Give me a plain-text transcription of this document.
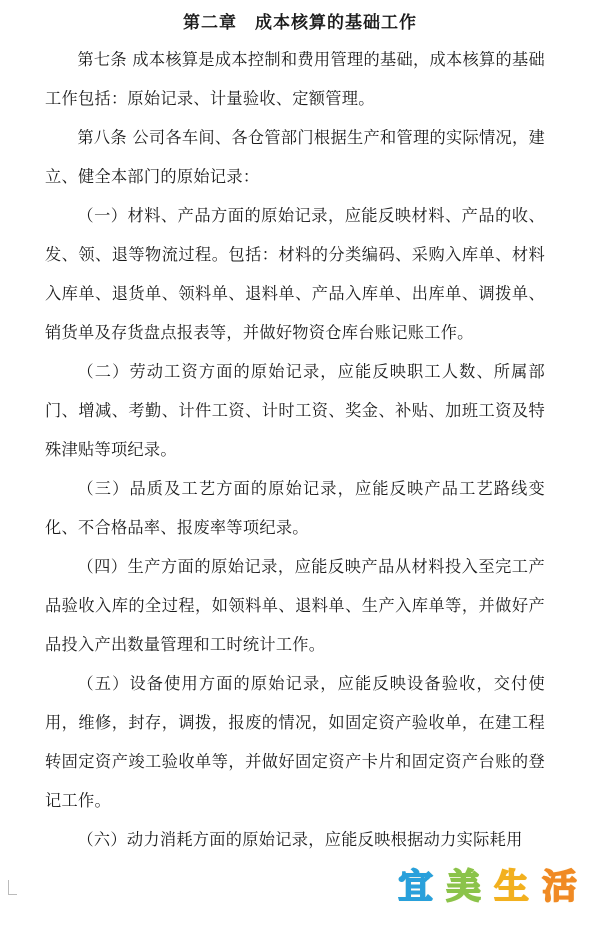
第二章　成本核算的基础工作

第七条 成本核算是成本控制和费用管理的基础，成本核算的基础工作包括：原始记录、计量验收、定额管理。

第八条 公司各车间、各仓管部门根据生产和管理的实际情况，建立、健全本部门的原始记录：

（一）材料、产品方面的原始记录，应能反映材料、产品的收、发、领、退等物流过程。包括：材料的分类编码、采购入库单、材料入库单、退货单、领料单、退料单、产品入库单、出库单、调拨单、销货单及存货盘点报表等，并做好物资仓库台账记账工作。

（二）劳动工资方面的原始记录，应能反映职工人数、所属部门、增减、考勤、计件工资、计时工资、奖金、补贴、加班工资及特殊津贴等项纪录。

（三）品质及工艺方面的原始记录，应能反映产品工艺路线变化、不合格品率、报废率等项纪录。

（四）生产方面的原始记录，应能反映产品从材料投入至完工产品验收入库的全过程，如领料单、退料单、生产入库单等，并做好产品投入产出数量管理和工时统计工作。

（五）设备使用方面的原始记录，应能反映设备验收，交付使用，维修，封存，调拨，报废的情况，如固定资产验收单，在建工程转固定资产竣工验收单等，并做好固定资产卡片和固定资产台账的登记工作。

（六）动力消耗方面的原始记录，应能反映根据动力实际耗用

宜 美 生 活
